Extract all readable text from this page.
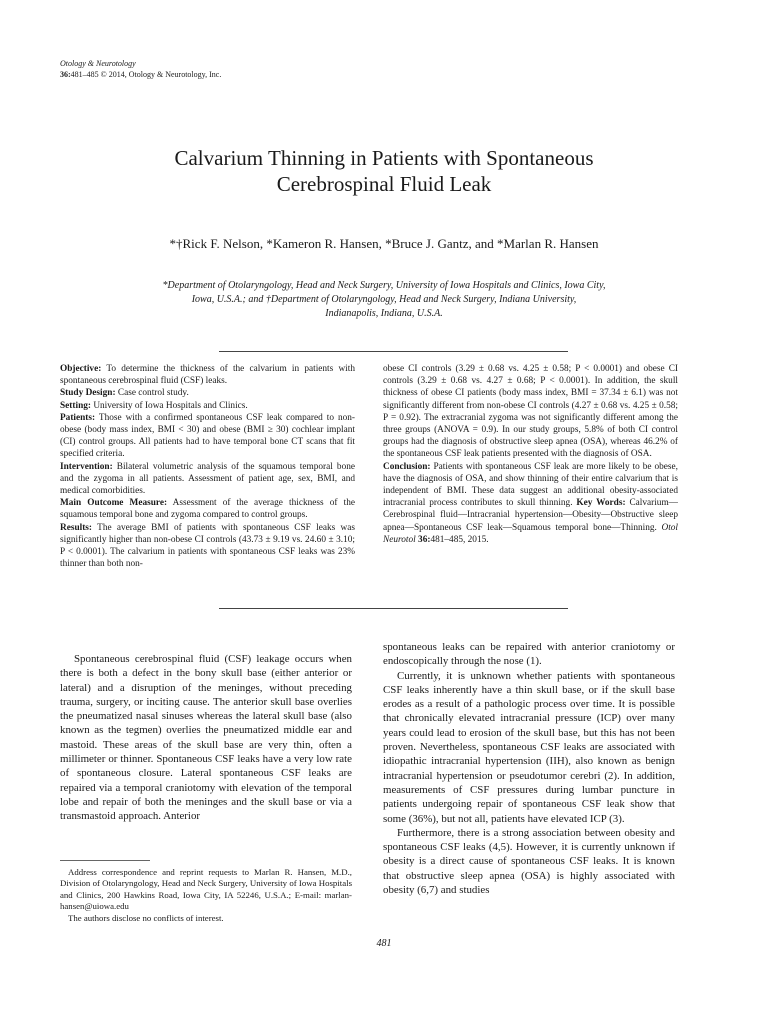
Otology & Neurotology
36:481–485 © 2014, Otology & Neurotology, Inc.
Calvarium Thinning in Patients with Spontaneous
Cerebrospinal Fluid Leak
*†Rick F. Nelson, *Kameron R. Hansen, *Bruce J. Gantz, and *Marlan R. Hansen
*Department of Otolaryngology, Head and Neck Surgery, University of Iowa Hospitals and Clinics, Iowa City,
Iowa, U.S.A.; and †Department of Otolaryngology, Head and Neck Surgery, Indiana University,
Indianapolis, Indiana, U.S.A.

Objective: To determine the thickness of the calvarium in patients with spontaneous cerebrospinal fluid (CSF) leaks.

Study Design: Case control study.

Setting: University of Iowa Hospitals and Clinics.

Patients: Those with a confirmed spontaneous CSF leak compared to non-obese (body mass index, BMI < 30) and obese (BMI ≥ 30) cochlear implant (CI) control groups. All patients had to have temporal bone CT scans that fit specified criteria.

Intervention: Bilateral volumetric analysis of the squamous temporal bone and the zygoma in all patients. Assessment of patient age, sex, BMI, and medical comorbidities.

Main Outcome Measure: Assessment of the average thickness of the squamous temporal bone and zygoma compared to control groups.

Results: The average BMI of patients with spontaneous CSF leaks was significantly higher than non-obese CI controls (43.73 ± 9.19 vs. 24.60 ± 3.10; P < 0.0001). The calvarium in patients with spontaneous CSF leaks was 23% thinner than both non-

obese CI controls (3.29 ± 0.68 vs. 4.25 ± 0.58; P < 0.0001) and obese CI controls (3.29 ± 0.68 vs. 4.27 ± 0.68; P < 0.0001). In addition, the skull thickness of obese CI patients (body mass index, BMI = 37.34 ± 6.1) was not significantly different from non-obese CI controls (4.27 ± 0.68 vs. 4.25 ± 0.58; P = 0.92). The extracranial zygoma was not significantly different among the three groups (ANOVA = 0.9). In our study groups, 5.8% of both CI control groups had the diagnosis of obstructive sleep apnea (OSA), whereas 46.2% of the spontaneous CSF leak patients presented with the diagnosis of OSA.

Conclusion: Patients with spontaneous CSF leak are more likely to be obese, have the diagnosis of OSA, and show thinning of their entire calvarium that is independent of BMI. These data suggest an additional obesity-associated intracranial process contributes to skull thinning. Key Words: Calvarium—Cerebrospinal fluid—Intracranial hypertension—Obesity—Obstructive sleep apnea—Spontaneous CSF leak—Squamous temporal bone—Thinning. Otol Neurotol 36:481–485, 2015.

Spontaneous cerebrospinal fluid (CSF) leakage occurs when there is both a defect in the bony skull base (either anterior or lateral) and a disruption of the meninges, without preceding trauma, surgery, or inciting cause. The anterior skull base overlies the pneumatized nasal sinuses whereas the lateral skull base (also known as the tegmen) overlies the pneumatized middle ear and mastoid. These areas of the skull base are very thin, often a millimeter or thinner. Spontaneous CSF leaks have a very low rate of spontaneous closure. Lateral spontaneous CSF leaks are repaired via a temporal craniotomy with elevation of the temporal lobe and repair of both the meninges and the skull base or via a transmastoid approach. Anterior

spontaneous leaks can be repaired with anterior craniotomy or endoscopically through the nose (1).

Currently, it is unknown whether patients with spontaneous CSF leaks inherently have a thin skull base, or if the skull base erodes as a result of a pathologic process over time. It is possible that chronically elevated intracranial pressure (ICP) over many years could lead to erosion of the skull base, but this has not been proven. Nevertheless, spontaneous CSF leaks are associated with idiopathic intracranial hypertension (IIH), also known as benign intracranial hypertension or pseudotumor cerebri (2). In addition, measurements of CSF pressures during lumbar puncture in patients undergoing repair of spontaneous CSF leak show that some (36%), but not all, patients have elevated ICP (3).

Furthermore, there is a strong association between obesity and spontaneous CSF leaks (4,5). However, it is currently unknown if obesity is a direct cause of spontaneous CSF leaks. It is known that obstructive sleep apnea (OSA) is highly associated with obesity (6,7) and studies

Address correspondence and reprint requests to Marlan R. Hansen, M.D., Division of Otolaryngology, Head and Neck Surgery, University of Iowa Hospitals and Clinics, 200 Hawkins Road, Iowa City, IA 52246, U.S.A.; E-mail: marlan-hansen@uiowa.edu

The authors disclose no conflicts of interest.

481
